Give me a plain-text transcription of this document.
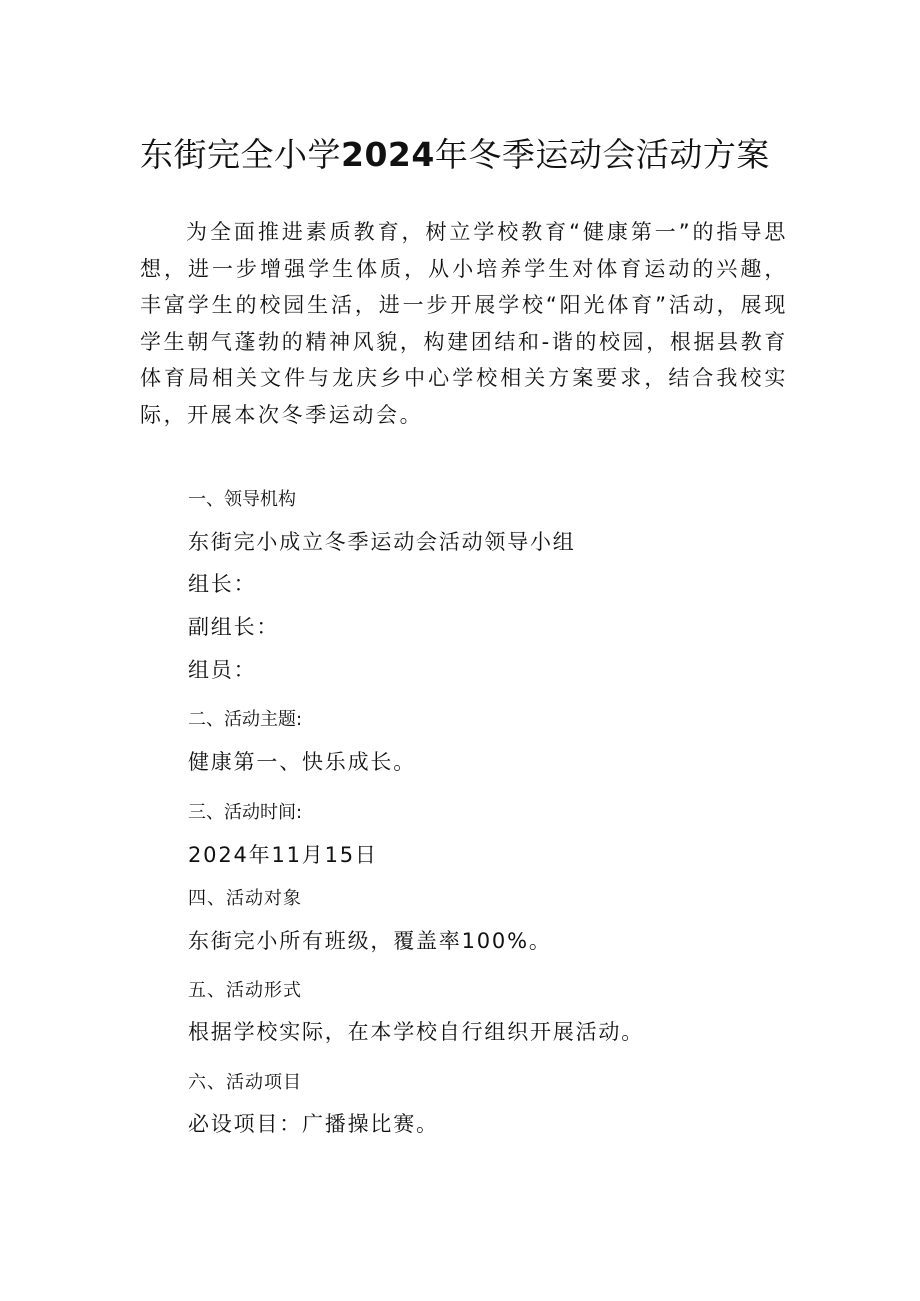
东街完全小学2024年冬季运动会活动方案
为全面推进素质教育，树立学校教育“健康第一”的指导思想，进一步增强学生体质，从小培养学生对体育运动的兴趣，丰富学生的校园生活，进一步开展学校“阳光体育”活动，展现学生朝气蓬勃的精神风貌，构建团结和-谐的校园，根据县教育体育局相关文件与龙庆乡中心学校相关方案要求，结合我校实际，开展本次冬季运动会。
一、领导机构
东街完小成立冬季运动会活动领导小组
组长：
副组长：
组员：
二、活动主题:
健康第一、快乐成长。
三、活动时间:
2024年11月15日
四、活动对象
东街完小所有班级，覆盖率100%。
五、活动形式
根据学校实际，在本学校自行组织开展活动。
六、活动项目
必设项目：广播操比赛。
